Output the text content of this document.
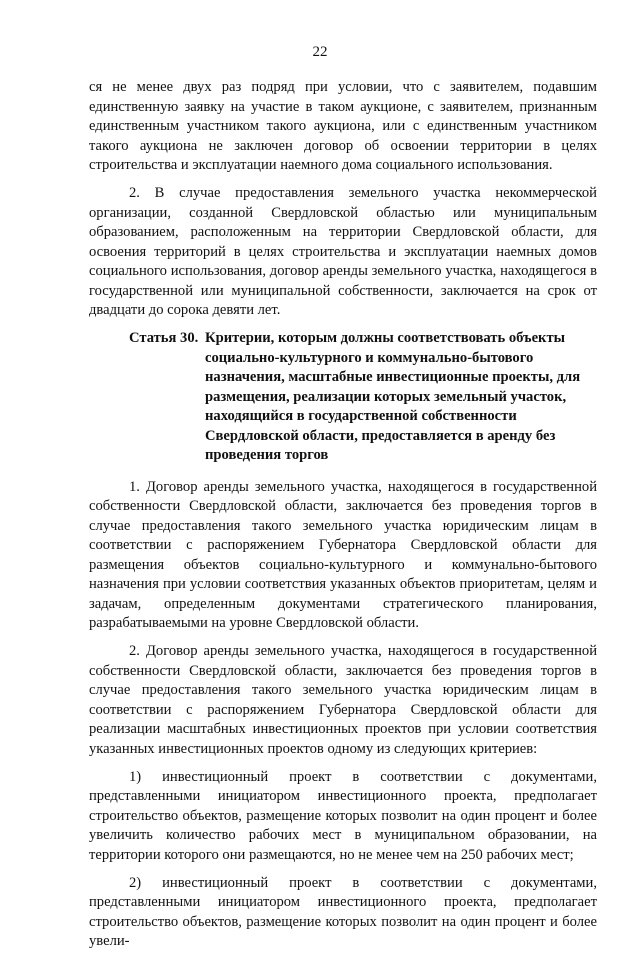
22

ся не менее двух раз подряд при условии, что с заявителем, подавшим единственную заявку на участие в таком аукционе, с заявителем, признанным единственным участником такого аукциона, или с единственным участником такого аукциона не заключен договор об освоении территории в целях строительства и эксплуатации наемного дома социального использования.

2. В случае предоставления земельного участка некоммерческой организации, созданной Свердловской областью или муниципальным образованием, расположенным на территории Свердловской области, для освоения территорий в целях строительства и эксплуатации наемных домов социального использования, договор аренды земельного участка, находящегося в государственной или муниципальной собственности, заключается на срок от двадцати до сорока девяти лет.

Статья 30. Критерии, которым должны соответствовать объекты социально-культурного и коммунально-бытового назначения, масштабные инвестиционные проекты, для размещения, реализации которых земельный участок, находящийся в государственной собственности Свердловской области, предоставляется в аренду без проведения торгов

1. Договор аренды земельного участка, находящегося в государственной собственности Свердловской области, заключается без проведения торгов в случае предоставления такого земельного участка юридическим лицам в соответствии с распоряжением Губернатора Свердловской области для размещения объектов социально-культурного и коммунально-бытового назначения при условии соответствия указанных объектов приоритетам, целям и задачам, определенным документами стратегического планирования, разрабатываемыми на уровне Свердловской области.

2. Договор аренды земельного участка, находящегося в государственной собственности Свердловской области, заключается без проведения торгов в случае предоставления такого земельного участка юридическим лицам в соответствии с распоряжением Губернатора Свердловской области для реализации масштабных инвестиционных проектов при условии соответствия указанных инвестиционных проектов одному из следующих критериев:

1) инвестиционный проект в соответствии с документами, представленными инициатором инвестиционного проекта, предполагает строительство объектов, размещение которых позволит на один процент и более увеличить количество рабочих мест в муниципальном образовании, на территории которого они размещаются, но не менее чем на 250 рабочих мест;

2) инвестиционный проект в соответствии с документами, представленными инициатором инвестиционного проекта, предполагает строительство объектов, размещение которых позволит на один процент и более увели-
